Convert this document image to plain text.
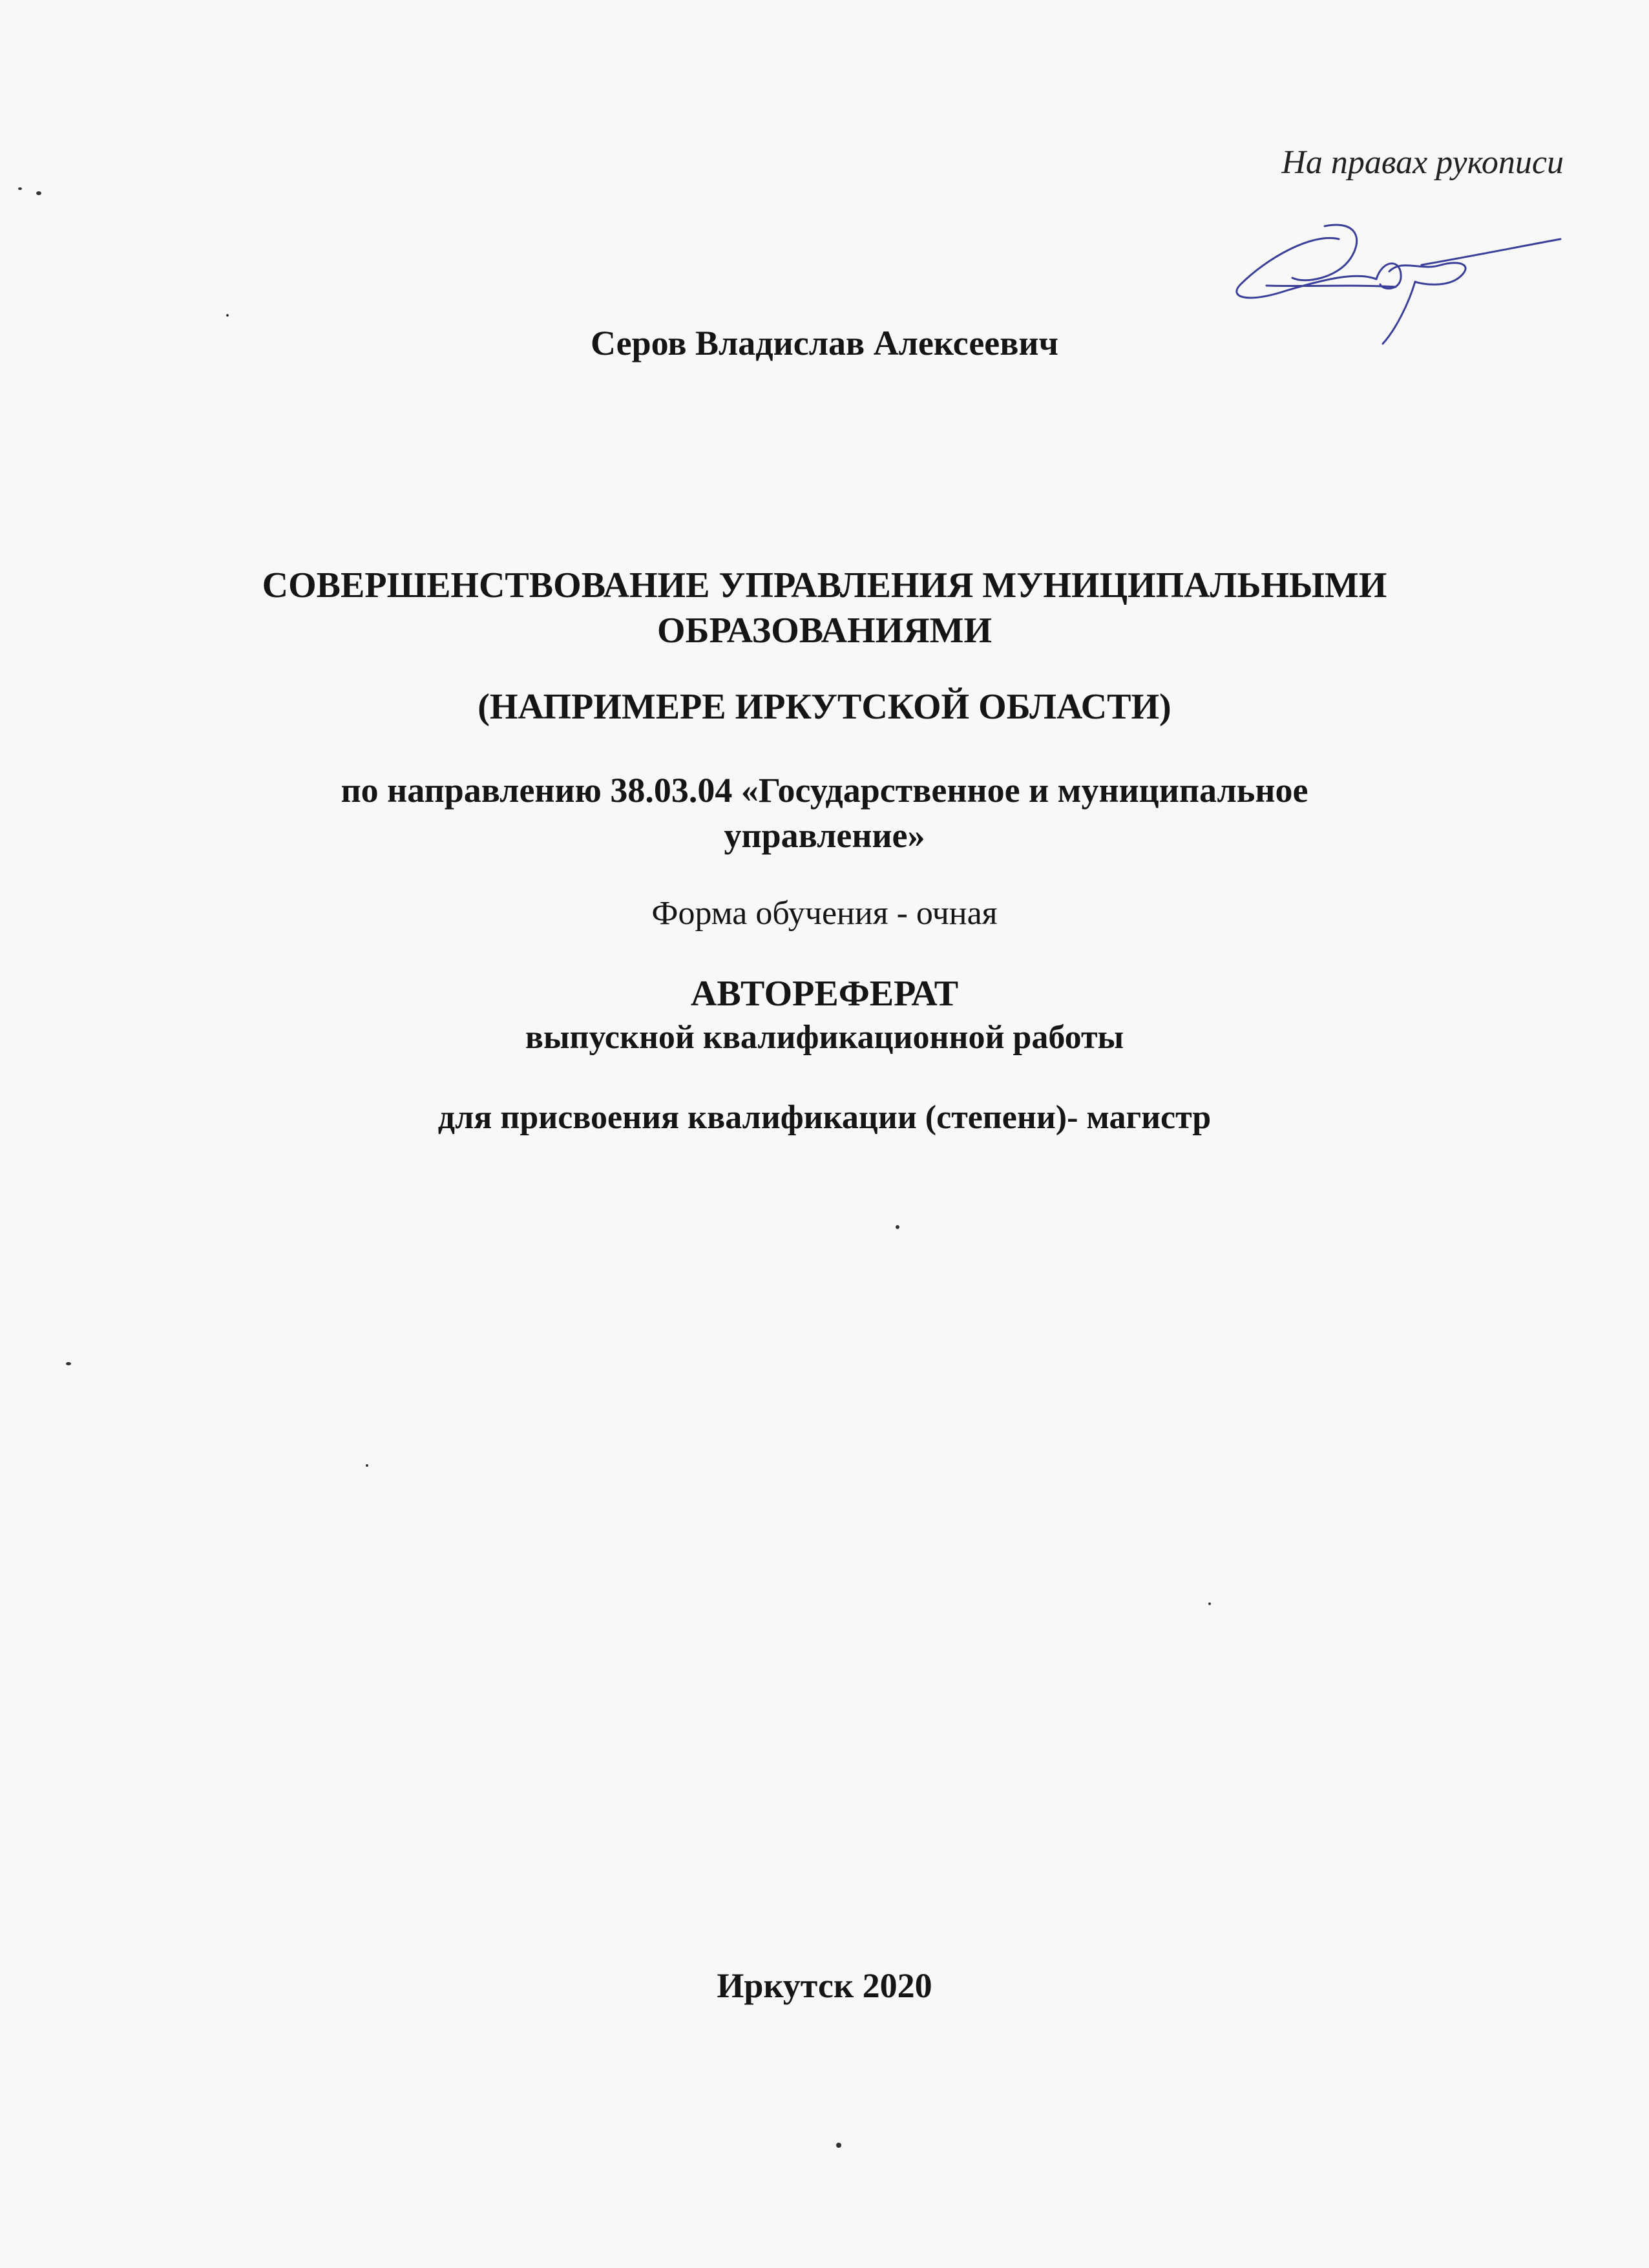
На правах рукописи
Серов Владислав Алексеевич
СОВЕРШЕНСТВОВАНИЕ УПРАВЛЕНИЯ МУНИЦИПАЛЬНЫМИ
ОБРАЗОВАНИЯМИ
(НАПРИМЕРЕ ИРКУТСКОЙ ОБЛАСТИ)
по направлению 38.03.04 «Государственное и муниципальное
управление»
Форма обучения - очная
АВТОРЕФЕРАТ
выпускной квалификационной работы
для присвоения квалификации (степени)- магистр
Иркутск 2020
